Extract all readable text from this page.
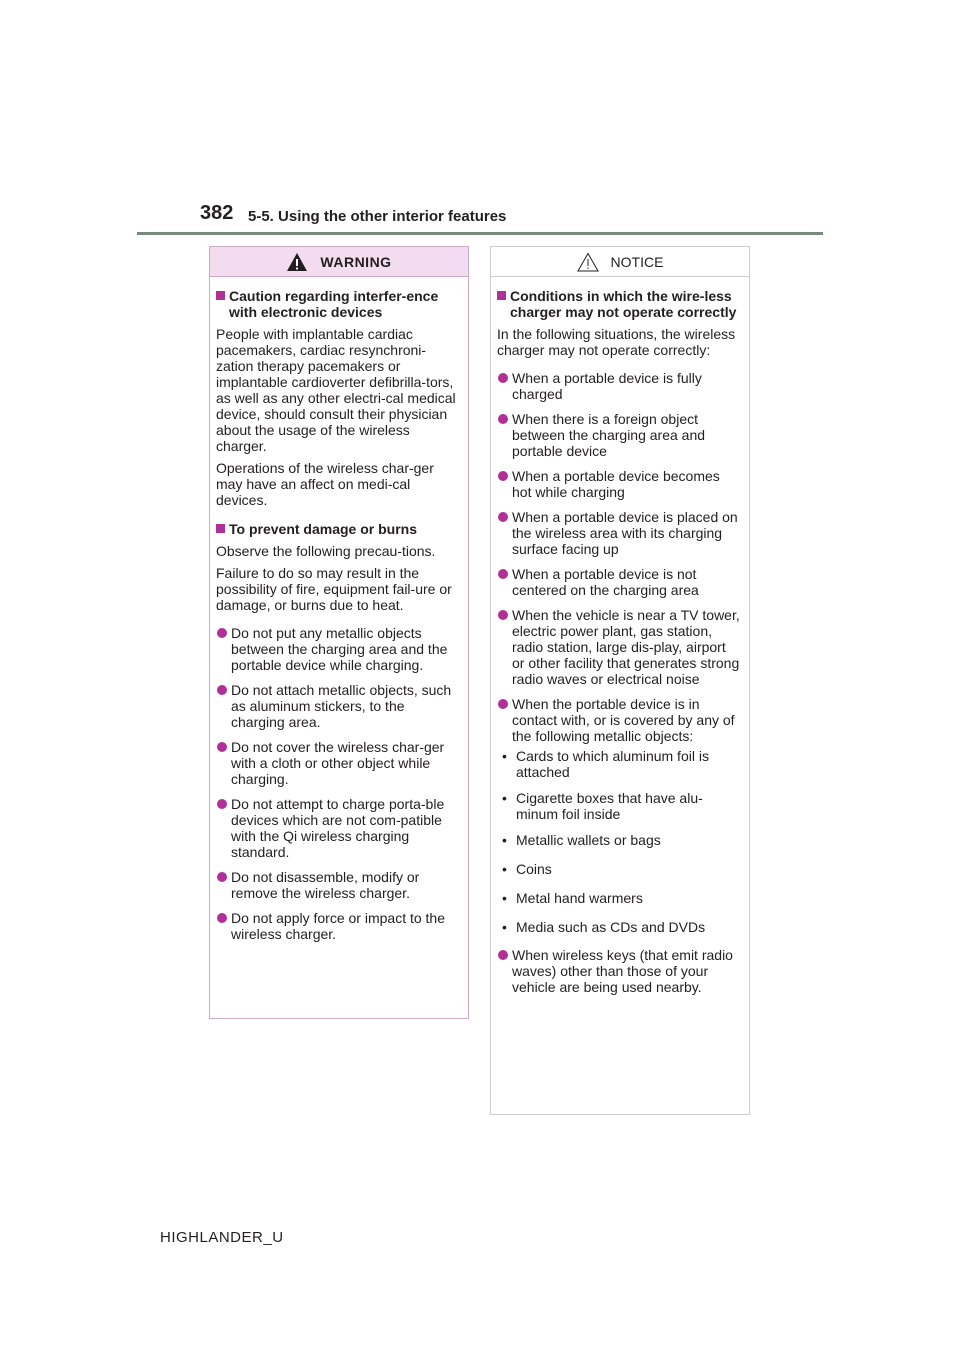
382 5-5. Using the other interior features
WARNING
Caution regarding interfer-ence with electronic devices

People with implantable cardiac pacemakers, cardiac resynchroni-zation therapy pacemakers or implantable cardioverter defibrilla-tors, as well as any other electri-cal medical device, should consult their physician about the usage of the wireless charger.

Operations of the wireless char-ger may have an affect on medi-cal devices.

To prevent damage or burns

Observe the following precau-tions.

Failure to do so may result in the possibility of fire, equipment fail-ure or damage, or burns due to heat.

Do not put any metallic objects between the charging area and the portable device while charging.
Do not attach metallic objects, such as aluminum stickers, to the charging area.
Do not cover the wireless char-ger with a cloth or other object while charging.
Do not attempt to charge porta-ble devices which are not com-patible with the Qi wireless charging standard.
Do not disassemble, modify or remove the wireless charger.
Do not apply force or impact to the wireless charger.
NOTICE
Conditions in which the wire-less charger may not operate correctly

In the following situations, the wireless charger may not operate correctly:

When a portable device is fully charged
When there is a foreign object between the charging area and portable device
When a portable device becomes hot while charging
When a portable device is placed on the wireless area with its charging surface facing up
When a portable device is not centered on the charging area
When the vehicle is near a TV tower, electric power plant, gas station, radio station, large dis-play, airport or other facility that generates strong radio waves or electrical noise
When the portable device is in contact with, or is covered by any of the following metallic objects:
• Cards to which aluminum foil is attached
• Cigarette boxes that have alu-minum foil inside
• Metallic wallets or bags
• Coins
• Metal hand warmers
• Media such as CDs and DVDs
When wireless keys (that emit radio waves) other than those of your vehicle are being used nearby.
HIGHLANDER_U
